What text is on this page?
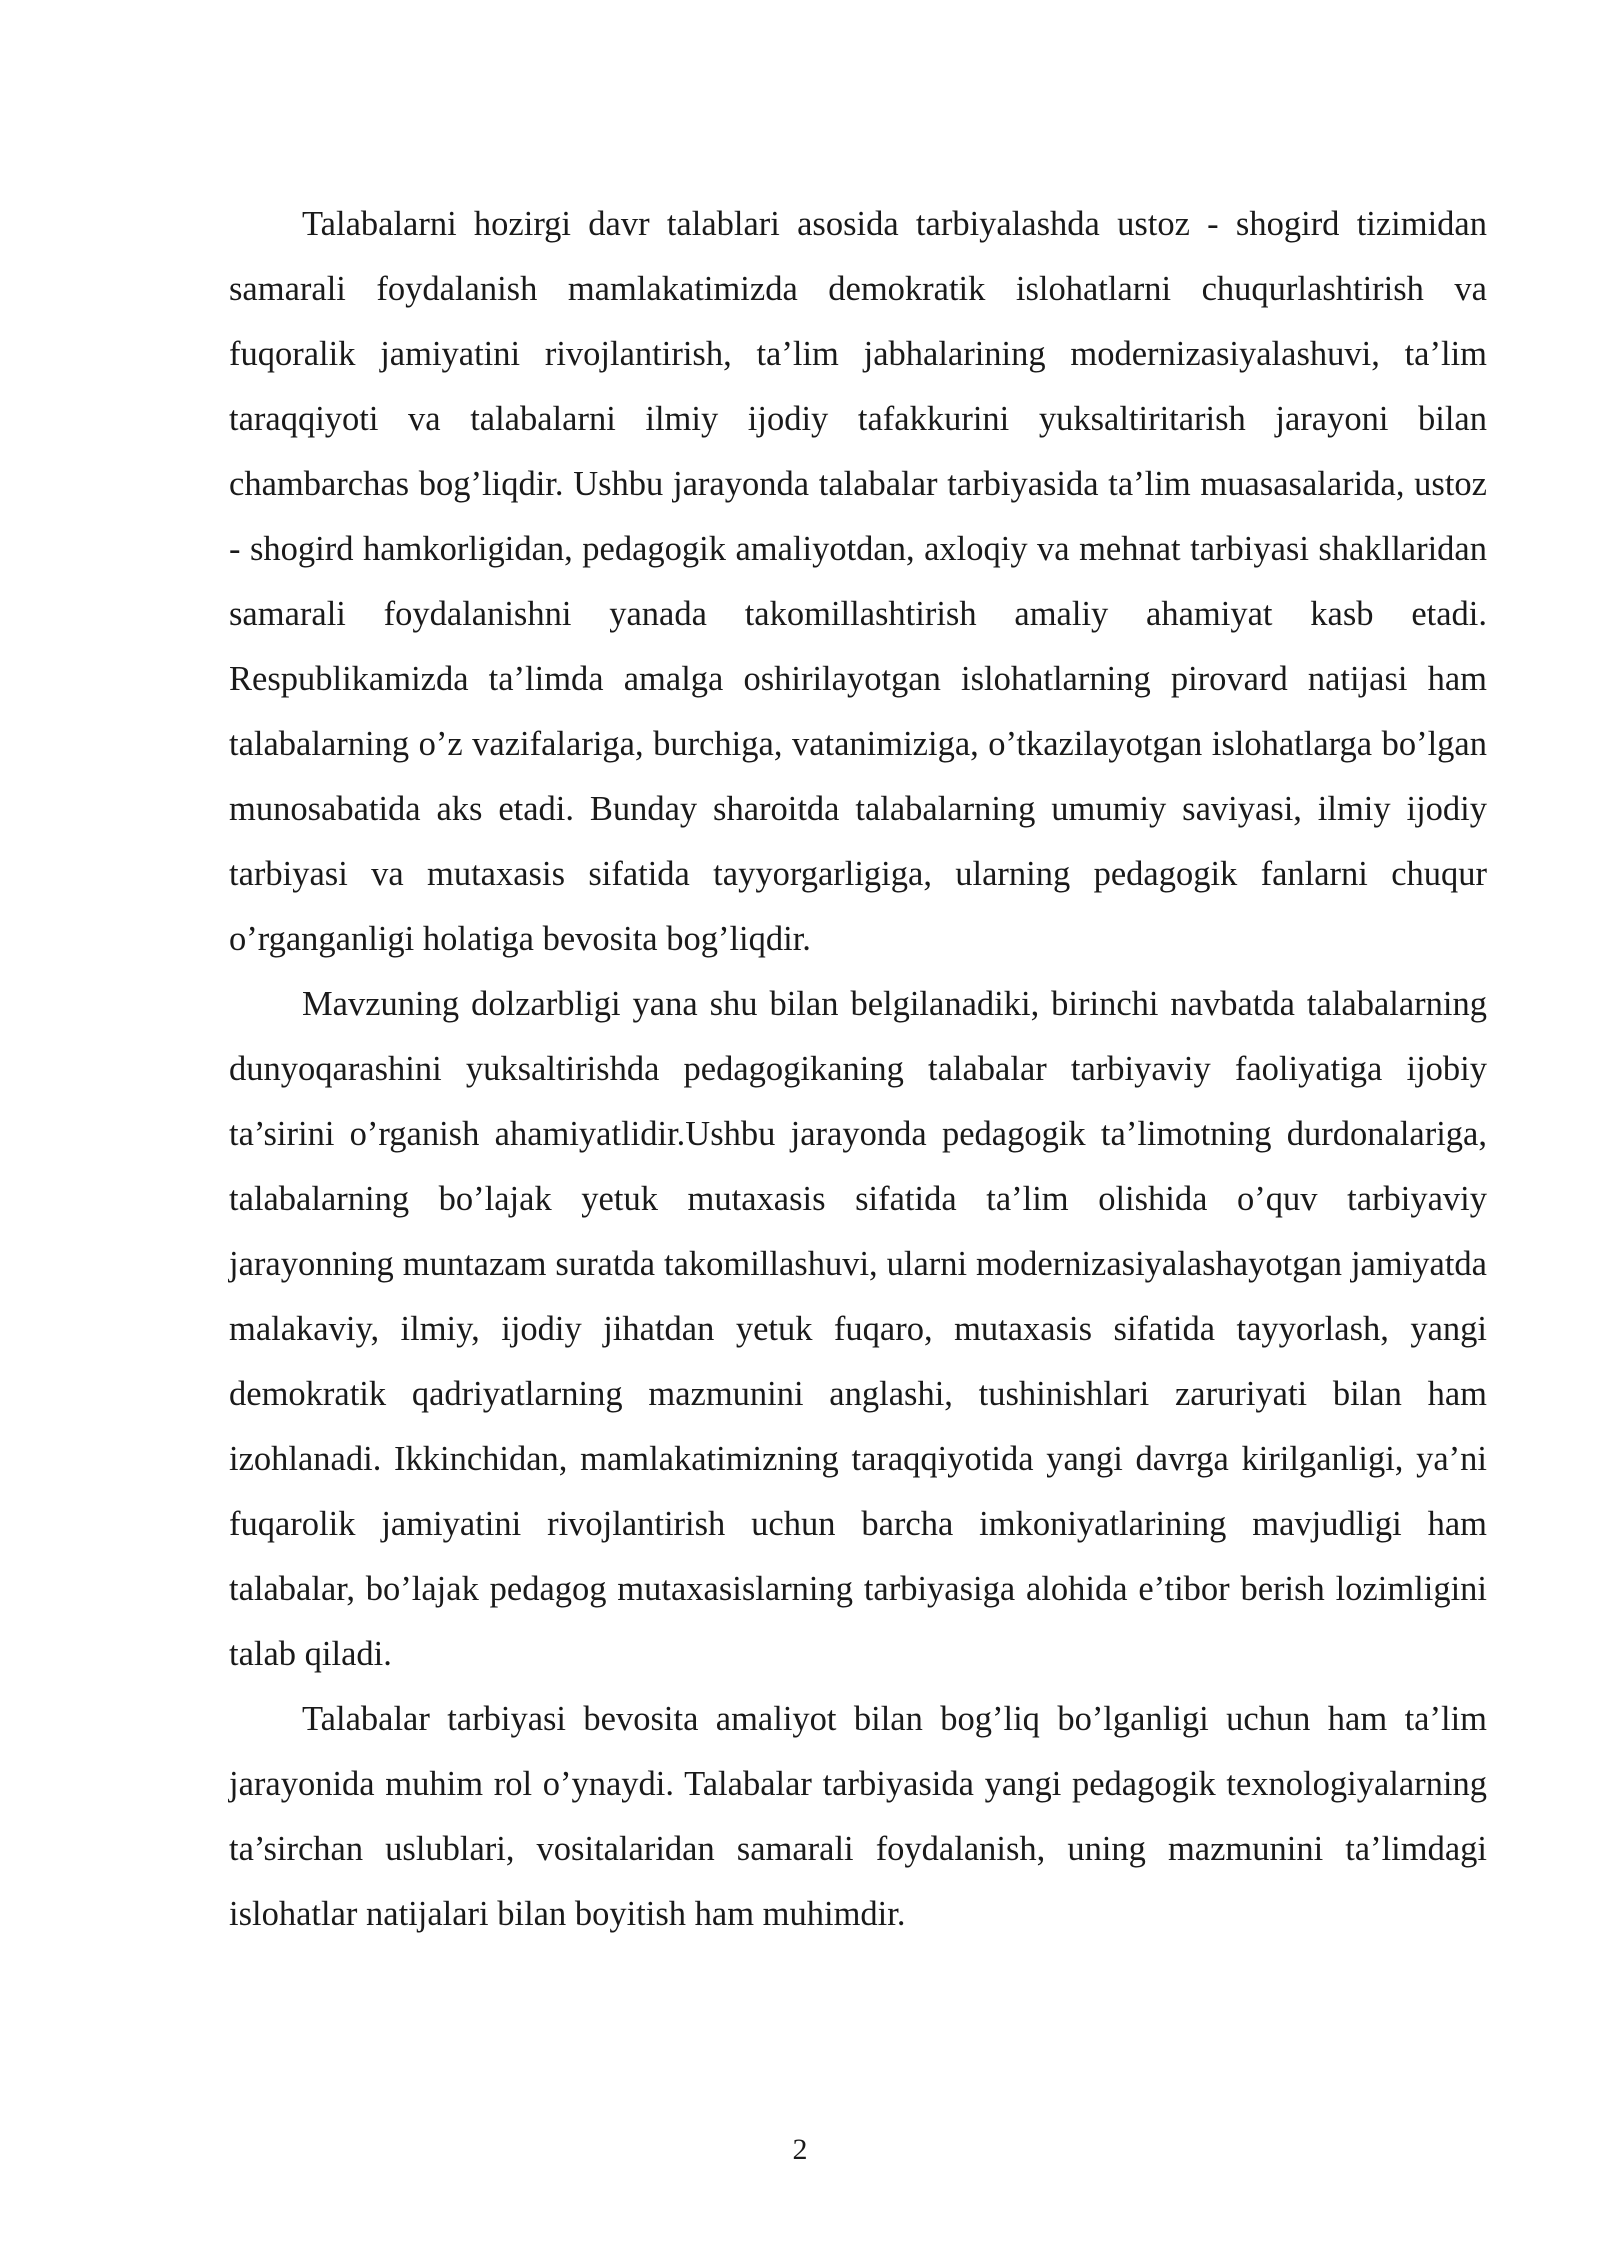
Talabalarni hozirgi davr talablari asosida tarbiyalashda ustoz - shogird tizimidan samarali foydalanish mamlakatimizda demokratik islohatlarni chuqurlashtirish va fuqoralik jamiyatini rivojlantirish, ta’lim jabhalarining modernizasiyalashuvi, ta’lim taraqqiyoti va talabalarni ilmiy ijodiy tafakkurini yuksaltiritarish jarayoni bilan chambarchas bog’liqdir. Ushbu jarayonda talabalar tarbiyasida ta’lim muasasalarida, ustoz - shogird hamkorligidan, pedagogik amaliyotdan, axloqiy va mehnat tarbiyasi shakllaridan samarali foydalanishni yanada takomillashtirish amaliy ahamiyat kasb etadi. Respublikamizda ta’limda amalga oshirilayotgan islohatlarning pirovard natijasi ham talabalarning o’z vazifalariga, burchiga, vatanimiziga, o’tkazilayotgan islohatlarga bo’lgan munosabatida aks etadi. Bunday sharoitda talabalarning umumiy saviyasi, ilmiy ijodiy tarbiyasi va mutaxasis sifatida tayyorgarligiga, ularning pedagogik fanlarni chuqur o’rganganligi holatiga bevosita bog’liqdir.

Mavzuning dolzarbligi yana shu bilan belgilanadiki, birinchi navbatda talabalarning dunyoqarashini yuksaltirishda pedagogikaning talabalar tarbiyaviy faoliyatiga ijobiy ta’sirini o’rganish ahamiyatlidir.Ushbu jarayonda pedagogik ta’limotning durdonalariga, talabalarning bo’lajak yetuk mutaxasis sifatida ta’lim olishida o’quv tarbiyaviy jarayonning muntazam suratda takomillashuvi, ularni modernizasiyalashayotgan jamiyatda malakaviy, ilmiy, ijodiy jihatdan yetuk fuqaro, mutaxasis sifatida tayyorlash, yangi demokratik qadriyatlarning mazmunini anglashi, tushinishlari zaruriyati bilan ham izohlanadi. Ikkinchidan, mamlakatimizning taraqqiyotida yangi davrga kirilganligi, ya’ni fuqarolik jamiyatini rivojlantirish uchun barcha imkoniyatlarining mavjudligi ham talabalar, bo’lajak pedagog mutaxasislarning tarbiyasiga alohida e’tibor berish lozimligini talab qiladi.

Talabalar tarbiyasi bevosita amaliyot bilan bog’liq bo’lganligi uchun ham ta’lim jarayonida muhim rol o’ynaydi. Talabalar tarbiyasida yangi pedagogik texnologiyalarning ta’sirchan uslublari, vositalaridan samarali foydalanish, uning mazmunini ta’limdagi islohatlar natijalari bilan boyitish ham muhimdir.

2
